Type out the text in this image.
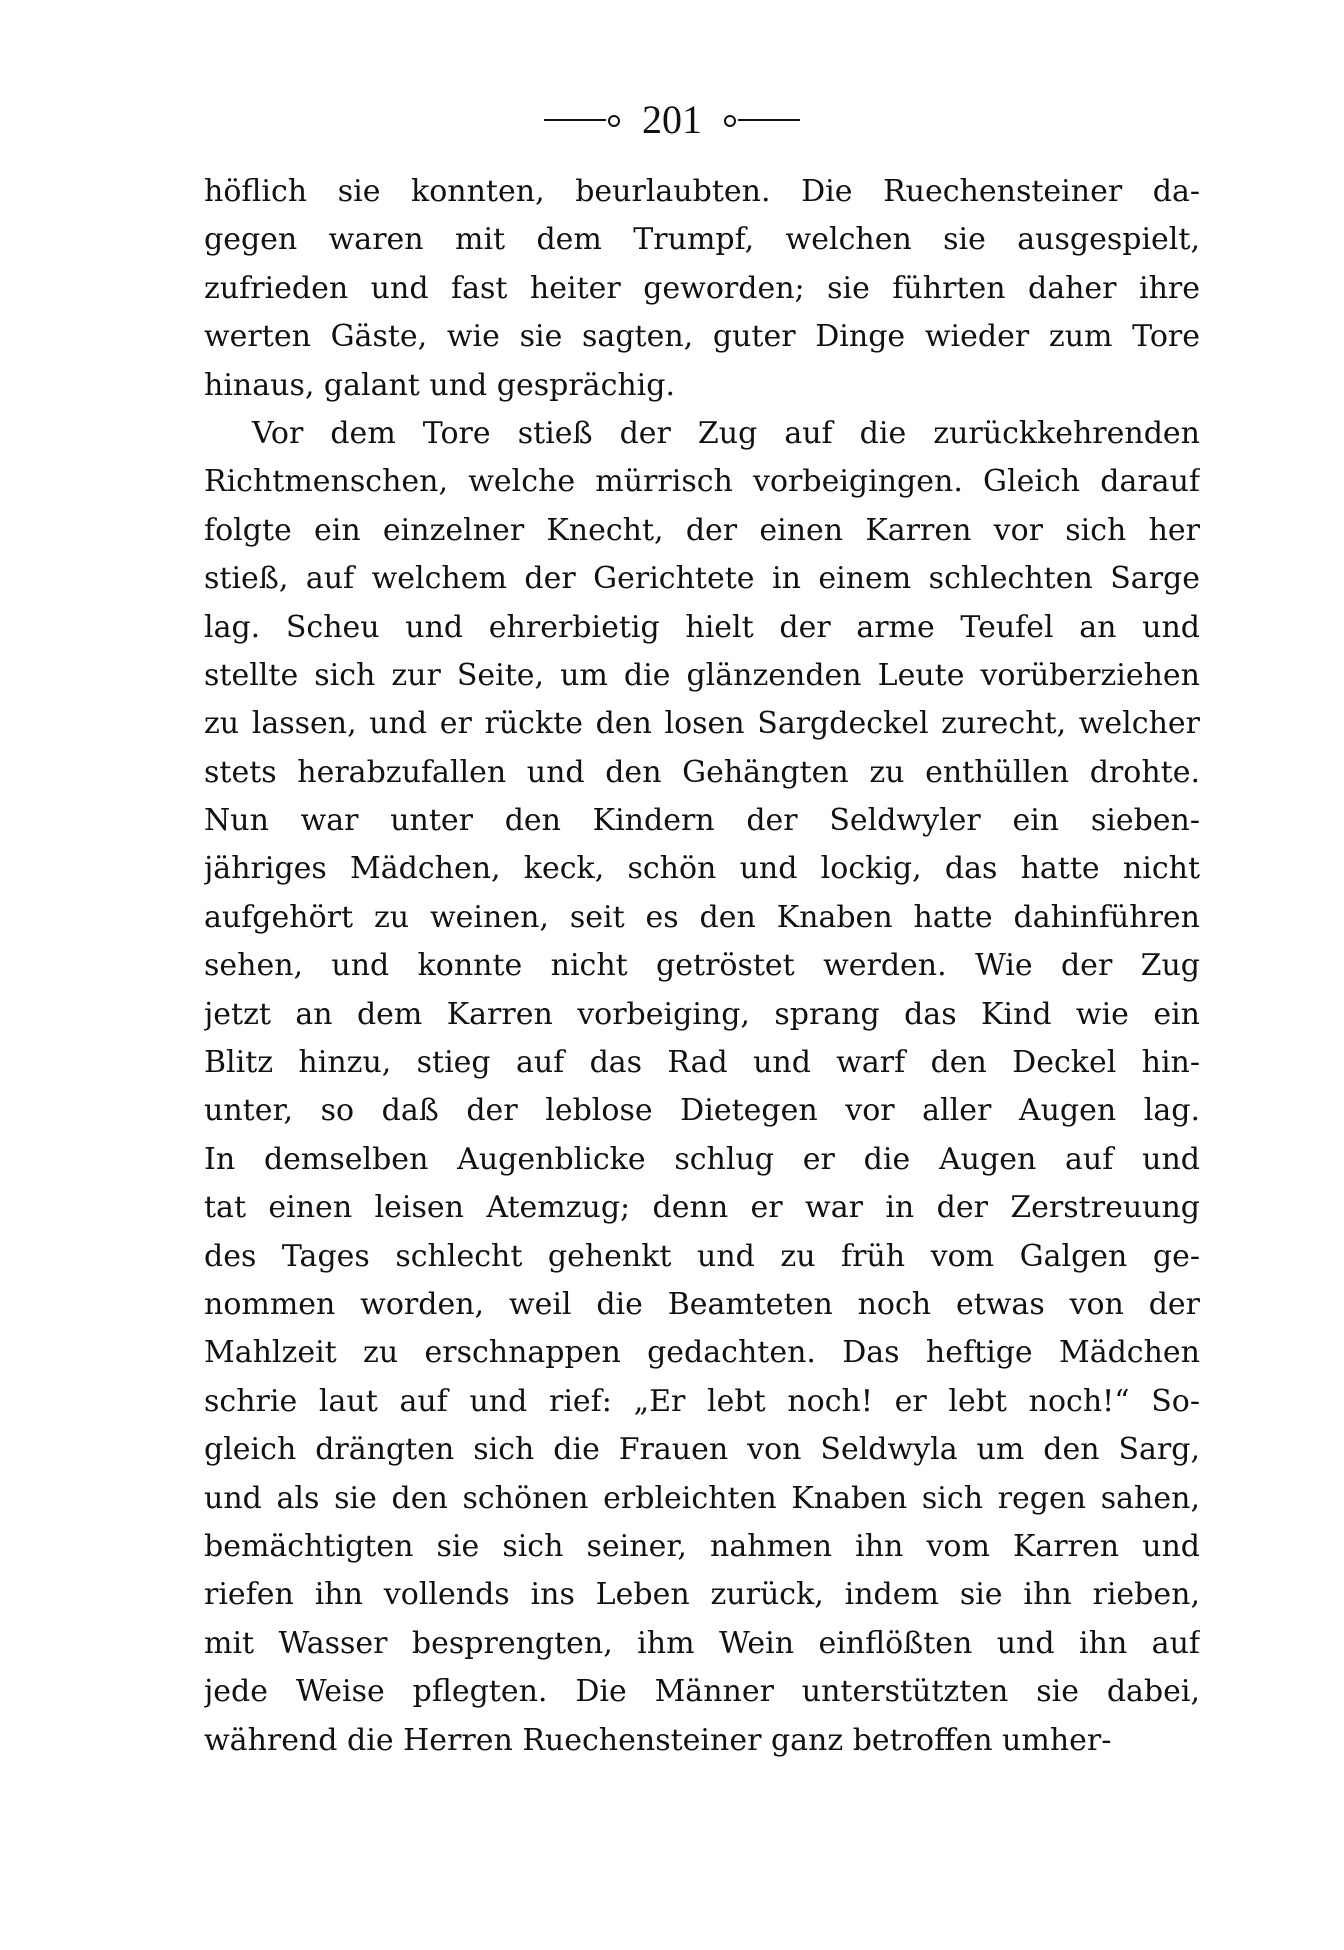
201
höflich sie konnten, beurlaubten. Die Ruechensteiner da-
gegen waren mit dem Trumpf, welchen sie ausgespielt,
zufrieden und fast heiter geworden; sie führten daher ihre
werten Gäste, wie sie sagten, guter Dinge wieder zum Tore
hinaus, galant und gesprächig.
Vor dem Tore stieß der Zug auf die zurückkehrenden
Richtmenschen, welche mürrisch vorbeigingen. Gleich darauf
folgte ein einzelner Knecht, der einen Karren vor sich her
stieß, auf welchem der Gerichtete in einem schlechten Sarge
lag. Scheu und ehrerbietig hielt der arme Teufel an und
stellte sich zur Seite, um die glänzenden Leute vorüberziehen
zu lassen, und er rückte den losen Sargdeckel zurecht, welcher
stets herabzufallen und den Gehängten zu enthüllen drohte.
Nun war unter den Kindern der Seldwyler ein sieben-
jähriges Mädchen, keck, schön und lockig, das hatte nicht
aufgehört zu weinen, seit es den Knaben hatte dahinführen
sehen, und konnte nicht getröstet werden. Wie der Zug
jetzt an dem Karren vorbeiging, sprang das Kind wie ein
Blitz hinzu, stieg auf das Rad und warf den Deckel hin-
unter, so daß der leblose Dietegen vor aller Augen lag.
In demselben Augenblicke schlug er die Augen auf und
tat einen leisen Atemzug; denn er war in der Zerstreuung
des Tages schlecht gehenkt und zu früh vom Galgen ge-
nommen worden, weil die Beamteten noch etwas von der
Mahlzeit zu erschnappen gedachten. Das heftige Mädchen
schrie laut auf und rief: „Er lebt noch! er lebt noch!“ So-
gleich drängten sich die Frauen von Seldwyla um den Sarg,
und als sie den schönen erbleichten Knaben sich regen sahen,
bemächtigten sie sich seiner, nahmen ihn vom Karren und
riefen ihn vollends ins Leben zurück, indem sie ihn rieben,
mit Wasser besprengten, ihm Wein einflößten und ihn auf
jede Weise pflegten. Die Männer unterstützten sie dabei,
während die Herren Ruechensteiner ganz betroffen umher-
